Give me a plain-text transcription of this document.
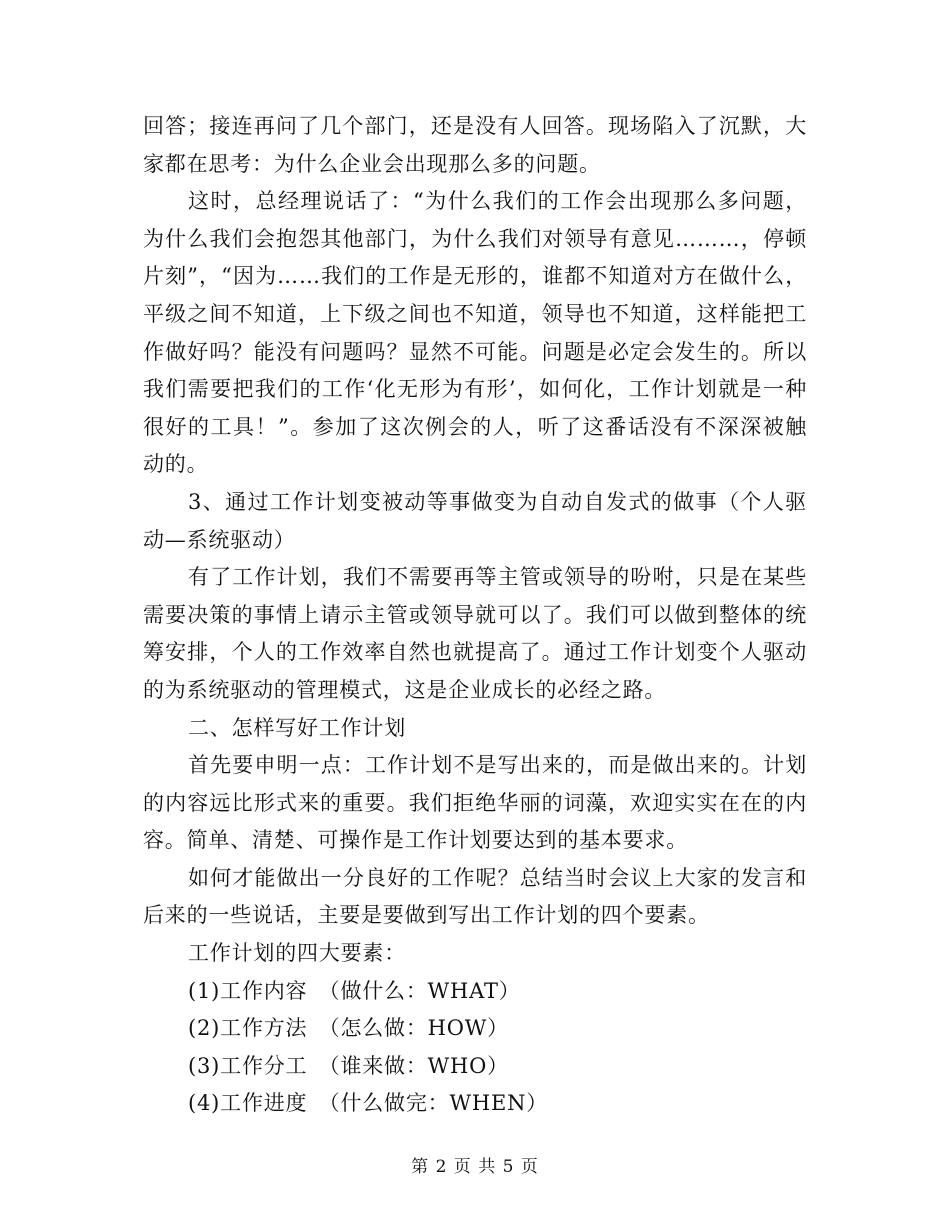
回答；接连再问了几个部门，还是没有人回答。现场陷入了沉默，大家都在思考：为什么企业会出现那么多的问题。

这时，总经理说话了：“为什么我们的工作会出现那么多问题，为什么我们会抱怨其他部门，为什么我们对领导有意见………，停顿片刻”，“因为……我们的工作是无形的，谁都不知道对方在做什么，平级之间不知道，上下级之间也不知道，领导也不知道，这样能把工作做好吗？能没有问题吗？显然不可能。问题是必定会发生的。所以我们需要把我们的工作‘化无形为有形’，如何化，工作计划就是一种很好的工具！”。参加了这次例会的人，听了这番话没有不深深被触动的。

3、通过工作计划变被动等事做变为自动自发式的做事（个人驱动—系统驱动）

有了工作计划，我们不需要再等主管或领导的吩咐，只是在某些需要决策的事情上请示主管或领导就可以了。我们可以做到整体的统筹安排，个人的工作效率自然也就提高了。通过工作计划变个人驱动的为系统驱动的管理模式，这是企业成长的必经之路。

二、怎样写好工作计划

首先要申明一点：工作计划不是写出来的，而是做出来的。计划的内容远比形式来的重要。我们拒绝华丽的词藻，欢迎实实在在的内容。简单、清楚、可操作是工作计划要达到的基本要求。

如何才能做出一分良好的工作呢？总结当时会议上大家的发言和后来的一些说话，主要是要做到写出工作计划的四个要素。

工作计划的四大要素：

(1)工作内容　（做什么：WHAT）

(2)工作方法　（怎么做：HOW）

(3)工作分工　（谁来做：WHO）

(4)工作进度　（什么做完：WHEN）

第 2 页 共 5 页
